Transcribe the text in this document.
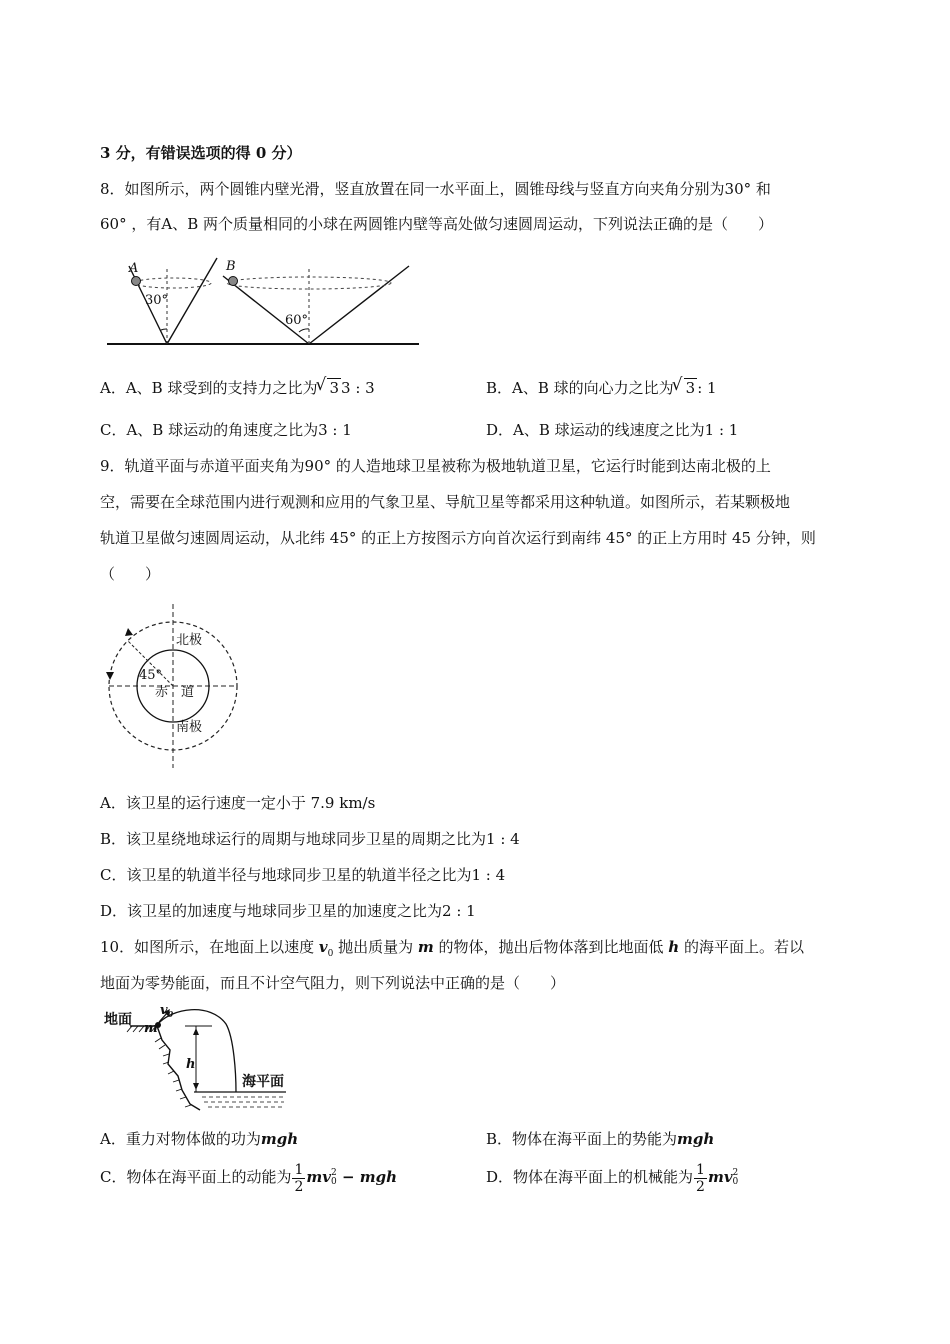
3 分，有错误选项的得 0 分）
8．如图所示，两个圆锥内壁光滑，竖直放置在同一水平面上，圆锥母线与竖直方向夹角分别为30° 和
60° ，有A、B 两个质量相同的小球在两圆锥内壁等高处做匀速圆周运动，下列说法正确的是（　　）
A
30°
B
60°
A．A、B 球受到的支持力之比为 √ 3 3 : 3	B．A、B 球的向心力之比为 √ 3 : 1
C．A、B 球运动的角速度之比为3 : 1	D．A、B 球运动的线速度之比为1 : 1
9．轨道平面与赤道平面夹角为90° 的人造地球卫星被称为极地轨道卫星，它运行时能到达南北极的上
空，需要在全球范围内进行观测和应用的气象卫星、导航卫星等都采用这种轨道。如图所示，若某颗极地
轨道卫星做匀速圆周运动，从北纬 45° 的正上方按图示方向首次运行到南纬 45° 的正上方用时 45 分钟，则
（　　）
北极
45°
赤　道
南极
A．该卫星的运行速度一定小于 7.9 km/s
B．该卫星绕地球运行的周期与地球同步卫星的周期之比为1 : 4
C．该卫星的轨道半径与地球同步卫星的轨道半径之比为1 : 4
D．该卫星的加速度与地球同步卫星的加速度之比为2 : 1
10．如图所示，在地面上以速度 $v_0$ 抛出质量为 m 的物体，抛出后物体落到比地面低 h 的海平面上。若以
地面为零势能面，而且不计空气阻力，则下列说法中正确的是（　　）
地面
m
$v_0$
h
海平面
A．重力对物体做的功为mgh	B．物体在海平面上的势能为mgh
C．物体在海平面上的动能为 $\frac{1}{2}$ mv 2
0 − mgh	D．物体在海平面上的机械能为 $\frac{1}{2}$ mv 2
0
